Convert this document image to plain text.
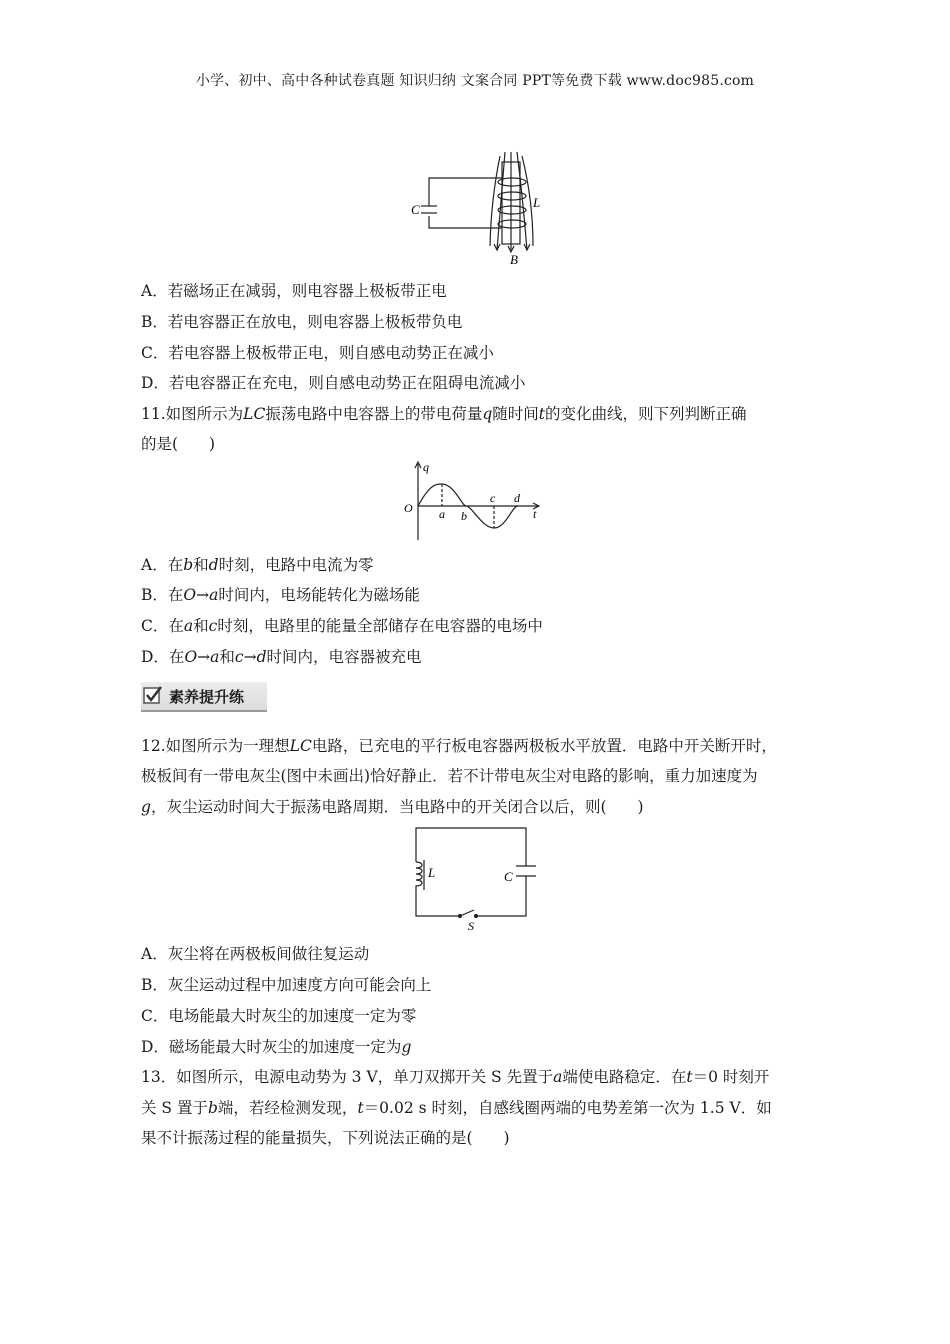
小学、初中、高中各种试卷真题 知识归纳 文案合同 PPT等免费下载 www.doc985.com
C	L
B
A．若磁场正在减弱，则电容器上极板带正电
B．若电容器正在放电，则电容器上极板带负电
C．若电容器上极板带正电，则自感电动势正在减小
D．若电容器正在充电，则自感电动势正在阻碍电流减小
11.如图所示为LC振荡电路中电容器上的带电荷量q随时间t的变化曲线，则下列判断正确
的是(　　)
q
O a b
c d
t
A．在b和d时刻，电路中电流为零
B．在O→a时间内，电场能转化为磁场能
C．在a和c时刻，电路里的能量全部储存在电容器的电场中
D．在O→a和c→d时间内，电容器被充电
素养提升练
12.如图所示为一理想LC电路，已充电的平行板电容器两极板水平放置．电路中开关断开时，
极板间有一带电灰尘(图中未画出)恰好静止．若不计带电灰尘对电路的影响，重力加速度为
g，灰尘运动时间大于振荡电路周期．当电路中的开关闭合以后，则(　　)
L	C
S
A．灰尘将在两极板间做往复运动
B．灰尘运动过程中加速度方向可能会向上
C．电场能最大时灰尘的加速度一定为零
D．磁场能最大时灰尘的加速度一定为g
13．如图所示，电源电动势为 3 V，单刀双掷开关 S 先置于a端使电路稳定．在t＝0 时刻开
关 S 置于b端，若经检测发现，t＝0.02 s 时刻，自感线圈两端的电势差第一次为 1.5 V．如
果不计振荡过程的能量损失，下列说法正确的是(　　)
